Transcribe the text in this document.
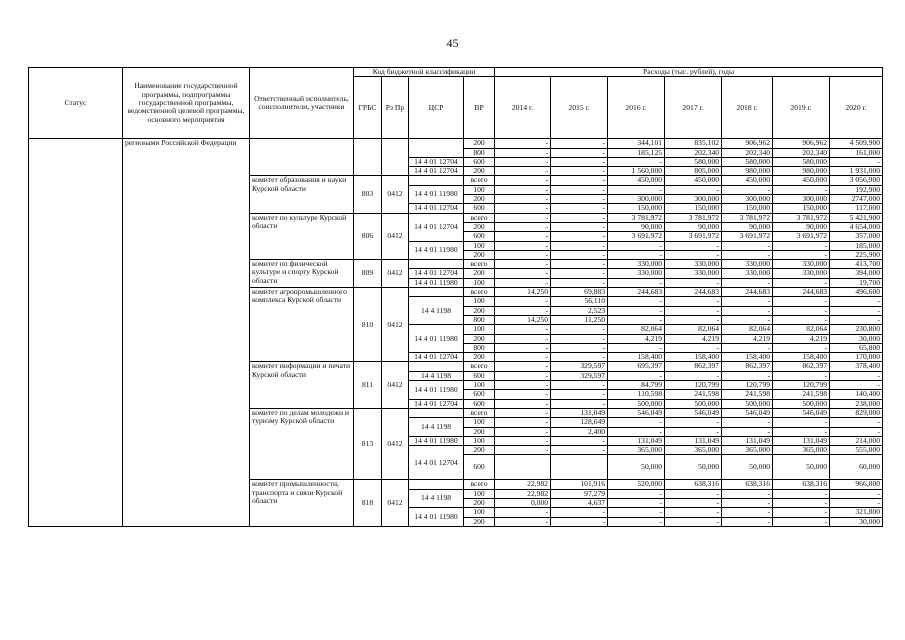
45
Статус	Наименование государственной программы, подпрограммы государственной программы, ведомственной целевой программы, основного мероприятия	Ответственный исполнитель, соисполнители, участники	Код бюджетной классификации				Расходы (тыс. рублей), годы						
			ГРБС	Рз Пр	ЦСР	ВР	2014 г.	2015 г.	2016 г.	2017 г.	2018 г.	2019 г.	2020 г.
	регионами Российской Федерации					200	-	-	344,101	835,102	906,962	906,962	4 509,900
						800	-	-	185,125	202,340	202,340	202,340	161,000
					14 4 01 12704	600	-	-	-	580,000	580,000	580,000	-
					14 4 01 12704	200	-	-	1 560,000	805,000	980,000	980,000	1 931,000
		комитет образования и науки Курской области	803	0412		всего	-	-	450,000	450,000	450,000	450,000	3 056,900
					14 4 01 11980	100	-	-	-	-	-	-	192,900
						200	-	-	300,000	300,000	300,000	300,000	2747,000
					14 4 01 12704	600	-	-	150,000	150,000	150,000	150,000	117,000
		комитет по культуре Курской области	806	0412	14 4 01 12704	всего	-	-	3 781,972	3 781,972	3 781,972	3 781,972	5 421,900
						200	-	-	90,000	90,000	90,000	90,000	4 654,000
						600	-	-	3 691,972	3 691,972	3 691,972	3 691,972	357,000
					14 4 01 11980	100	-	-	-	-	-	-	185,000
						200	-	-	-	-	-	-	225,900
		комитет по физической культуре и спорту Курской области	809	0412		всего	-	-	330,000	330,000	330,000	330,000	413,700
					14 4 01 12704	200	-	-	330,000	330,000	330,000	330,000	394,000
					14 4 01 11980	100	-	-	-	-	-	-	19,700
		комитет агропромышленного комплекса Курской области	810	0412		всего	14,250	69,883	244,683	244,683	244,683	244,683	496,600
					14 4 1198	100	-	56,110	-	-	-	-	-
						200	-	2,523	-	-	-	-	-
						800	14,250	11,250	-	-	-	-	-
					14 4 01 11980	100	-	-	82,064	82,064	82,064	82,064	230,800
						200	-	-	4,219	4,219	4,219	4,219	30,000
						800	-	-	-	-	-	-	65,800
					14 4 01 12704	200	-	-	158,400	158,400	158,400	158,400	170,000
		комитет информации и печати Курской области	811	0412		всего	-	329,597	695,397	862,397	862,397	862,397	378,400
					14 4 1198	600	-	329,597	-	-	-	-	-
					14 4 01 11980	100	-	-	84,799	120,799	120,799	120,799	-
						600	-	-	110,598	241,598	241,598	241,598	140,400
					14 4 01 12704	600	-	-	500,000	500,000	500,000	500,000	238,000
		комитет по делам молодежи и туризму Курской области	813	0412		всего	-	131,049	546,049	546,049	546,049	546,049	829,000
					14 4 1198	100	-	128,649	-	-	-	-	-
						200	-	2,400	-	-	-	-	-
					14 4 01 11980	100	-	-	131,049	131,049	131,049	131,049	214,000
					14 4 01 12704	200	-	-	365,000	365,000	365,000	365,000	555,000
						600			50,000	50,000	50,000	50,000	60,000
		комитет промышленности, транспорта и связи Курской области	818	0412		всего	22,982	101,916	520,000	638,316	638,316	638,316	966,800
					14 4 1198	100	22,982	97,279	-	-	-	-	-
						200	0,000	4,637	-	-	-	-	-
					14 4 01 11980	100	-	-	-	-	-	-	321,800
						200	-	-	-	-	-	-	30,000
